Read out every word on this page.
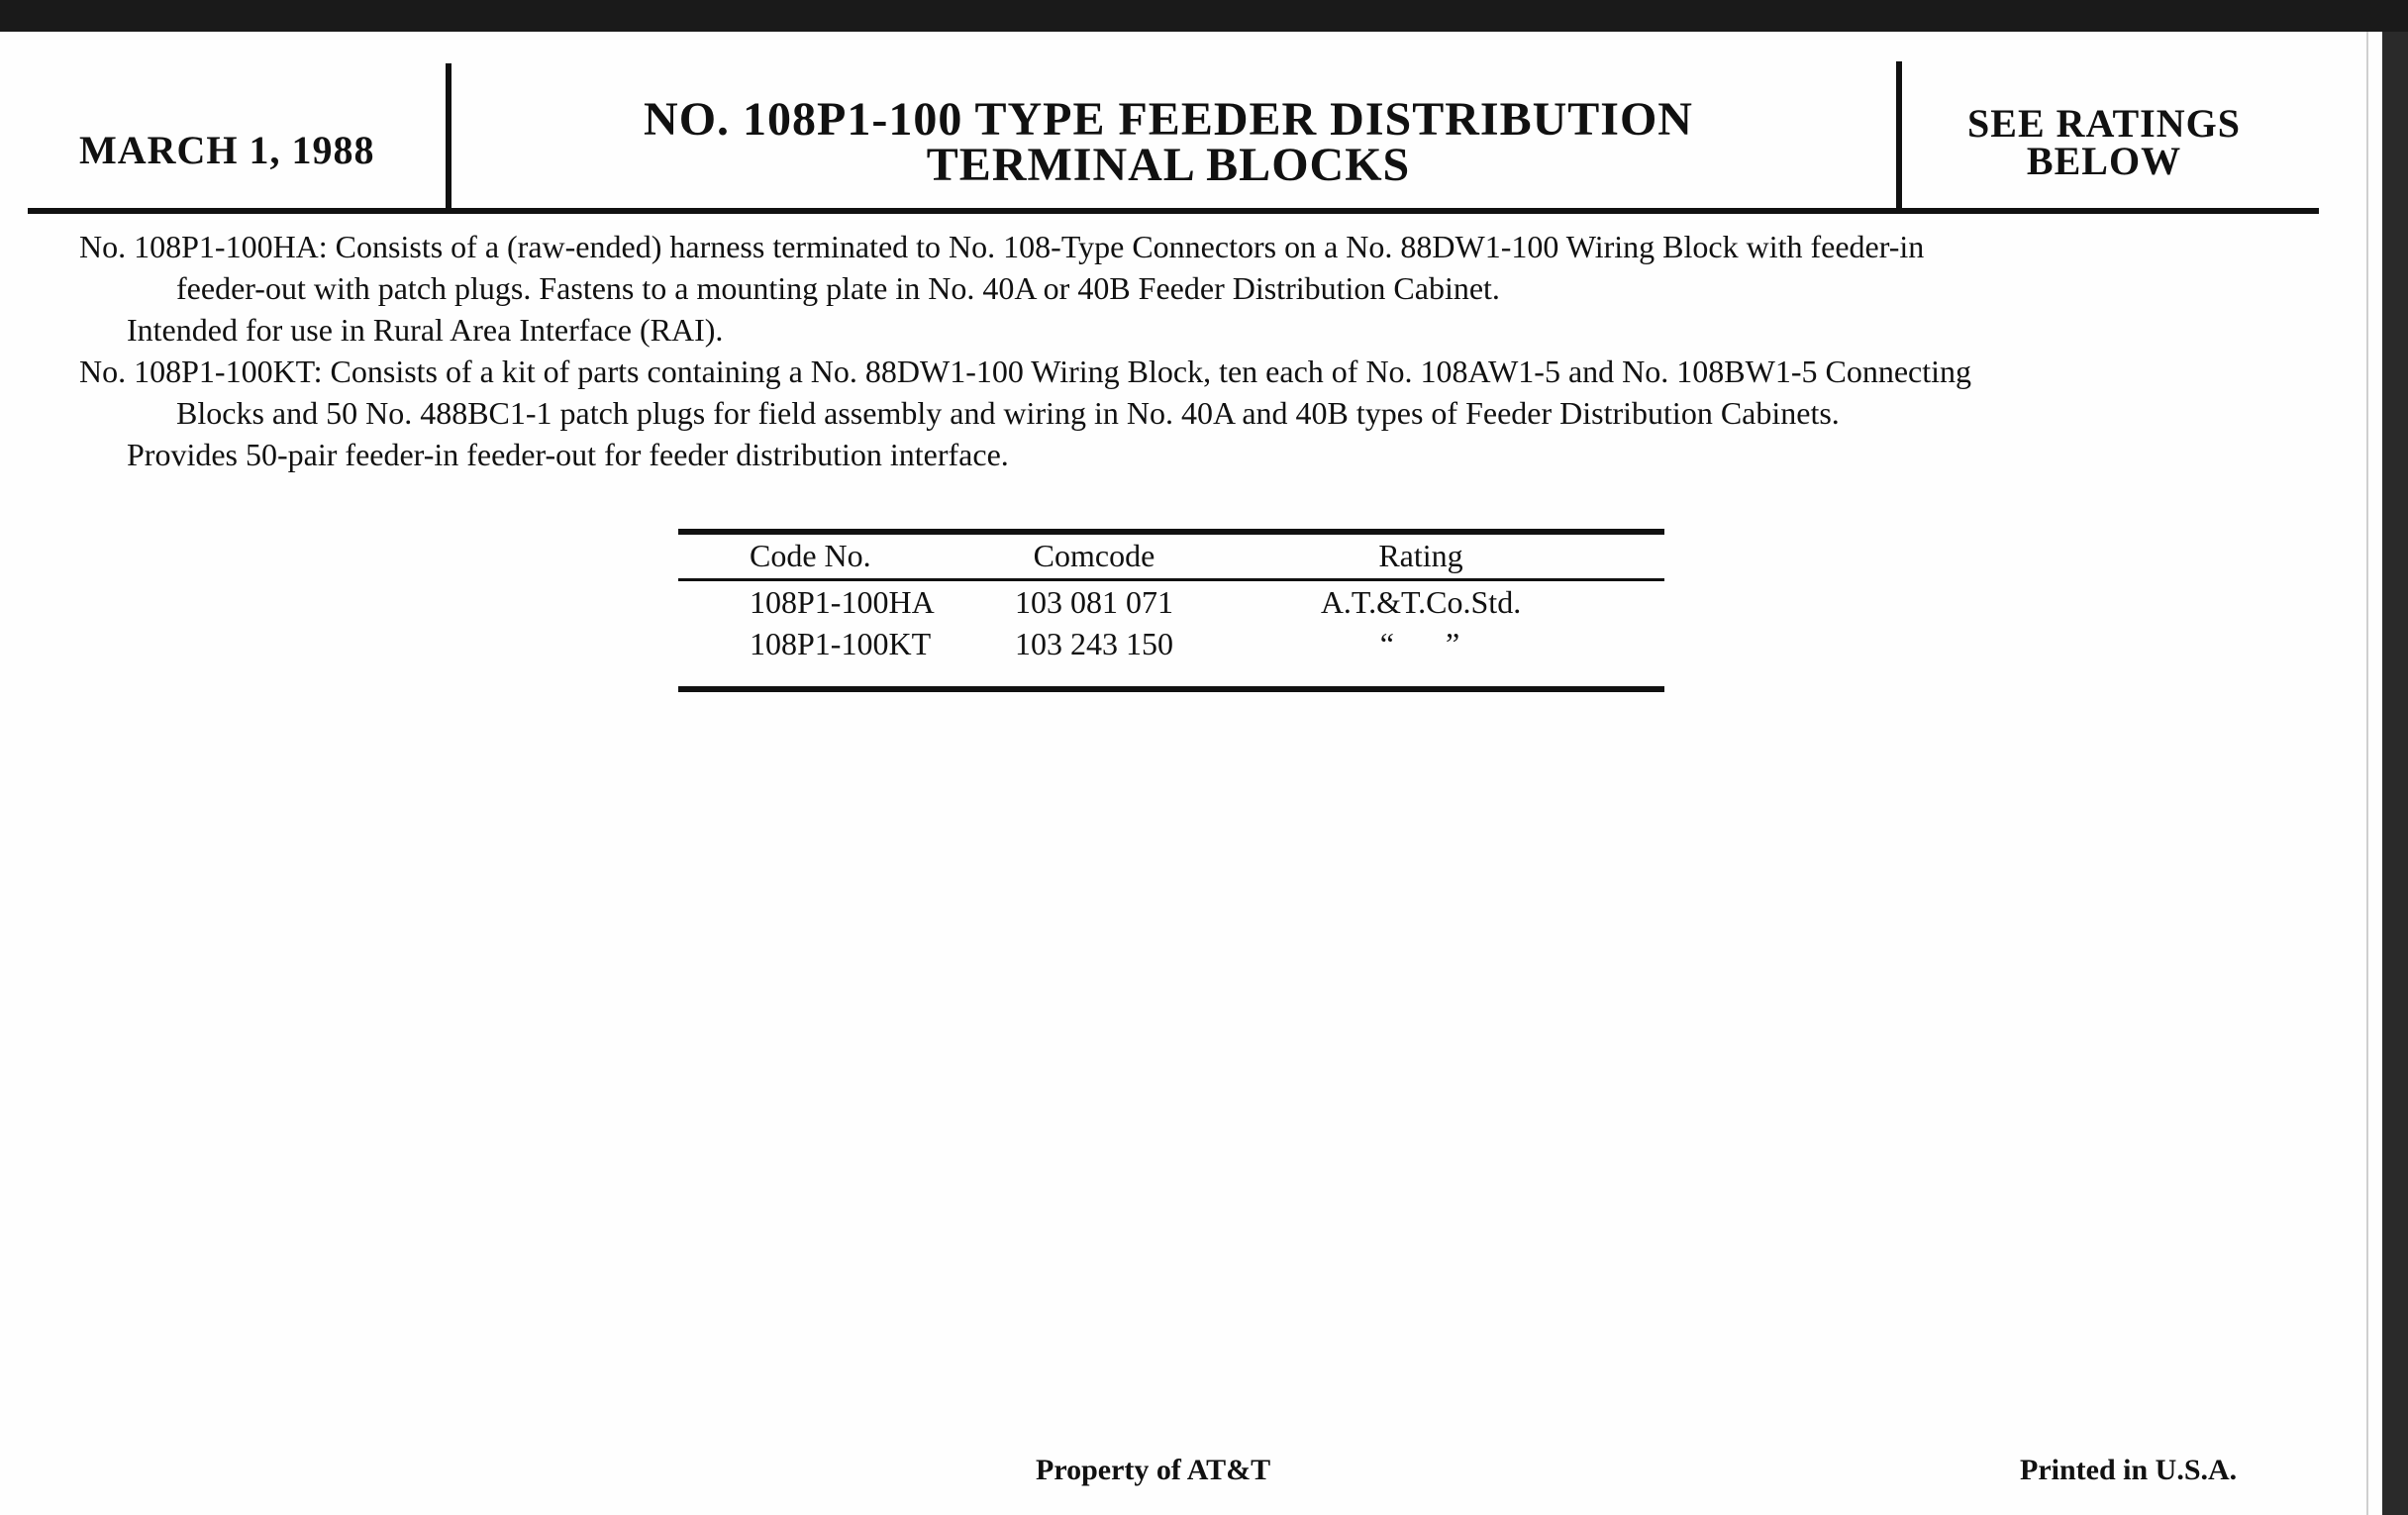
MARCH 1, 1988
NO. 108P1-100 TYPE FEEDER DISTRIBUTION
TERMINAL BLOCKS
SEE RATINGS
BELOW
No. 108P1-100HA: Consists of a (raw-ended) harness terminated to No. 108-Type Connectors on a No. 88DW1-100 Wiring Block with feeder-in
feeder-out with patch plugs. Fastens to a mounting plate in No. 40A or 40B Feeder Distribution Cabinet.
Intended for use in Rural Area Interface (RAI).
No. 108P1-100KT: Consists of a kit of parts containing a No. 88DW1-100 Wiring Block, ten each of No. 108AW1-5 and No. 108BW1-5 Connecting
Blocks and 50 No. 488BC1-1 patch plugs for field assembly and wiring in No. 40A and 40B types of Feeder Distribution Cabinets.
Provides 50-pair feeder-in feeder-out for feeder distribution interface.
Code No.	Comcode	Rating
108P1-100HA	103 081 071	A.T.&T.Co.Std.
108P1-100KT	103 243 150	“ ”
Property of AT&T	Printed in U.S.A.
